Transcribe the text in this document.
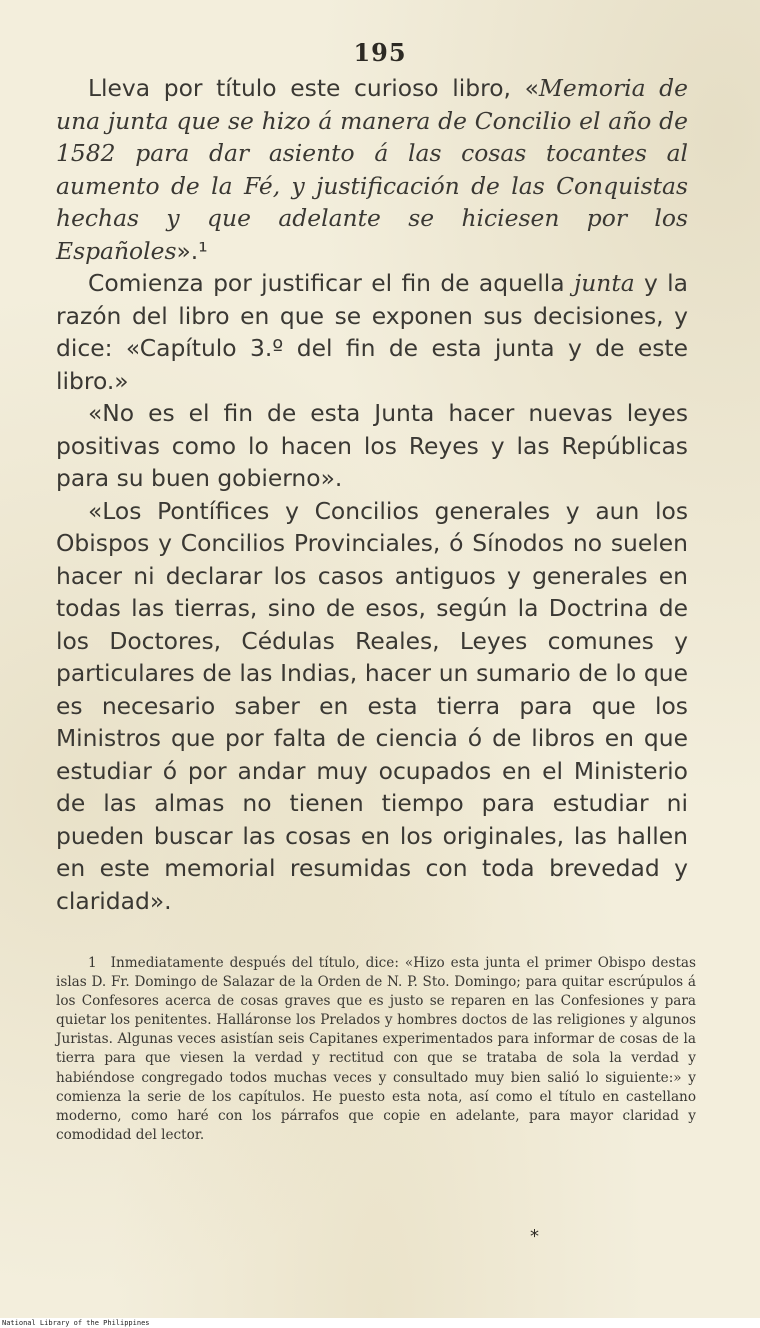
195

Lleva por título este curioso libro, «Memoria de una junta que se hizo á manera de Concilio el año de 1582 para dar asiento á las cosas tocantes al aumento de la Fé, y justificación de las Conquistas hechas y que adelante se hiciesen por los Españoles».¹

Comienza por justificar el fin de aquella junta y la razón del libro en que se exponen sus decisiones, y dice: «Capítulo 3.º del fin de esta junta y de este libro.»

«No es el fin de esta Junta hacer nuevas leyes positivas como lo hacen los Reyes y las Repúblicas para su buen gobierno».

«Los Pontífices y Concilios generales y aun los Obispos y Concilios Provinciales, ó Sínodos no suelen hacer ni declarar los casos antiguos y generales en todas las tierras, sino de esos, según la Doctrina de los Doctores, Cédulas Reales, Leyes comunes y particulares de las Indias, hacer un sumario de lo que es necesario saber en esta tierra para que los Ministros que por falta de ciencia ó de libros en que estudiar ó por andar muy ocupados en el Ministerio de las almas no tienen tiempo para estudiar ni pueden buscar las cosas en los originales, las hallen en este memorial resumidas con toda brevedad y claridad».

1 Inmediatamente después del título, dice: «Hizo esta junta el primer Obispo destas islas D. Fr. Domingo de Salazar de la Orden de N. P. Sto. Domingo; para quitar escrúpulos á los Confesores acerca de cosas graves que es justo se reparen en las Confesiones y para quietar los penitentes. Halláronse los Prelados y hombres doctos de las religiones y algunos Juristas. Algunas veces asistían seis Capitanes experimentados para informar de cosas de la tierra para que viesen la verdad y rectitud con que se trataba de sola la verdad y habiéndose congregado todos muchas veces y consultado muy bien salió lo siguiente:» y comienza la serie de los capítulos. He puesto esta nota, así como el título en castellano moderno, como haré con los párrafos que copie en adelante, para mayor claridad y comodidad del lector.

*
National Library of the Philippines
